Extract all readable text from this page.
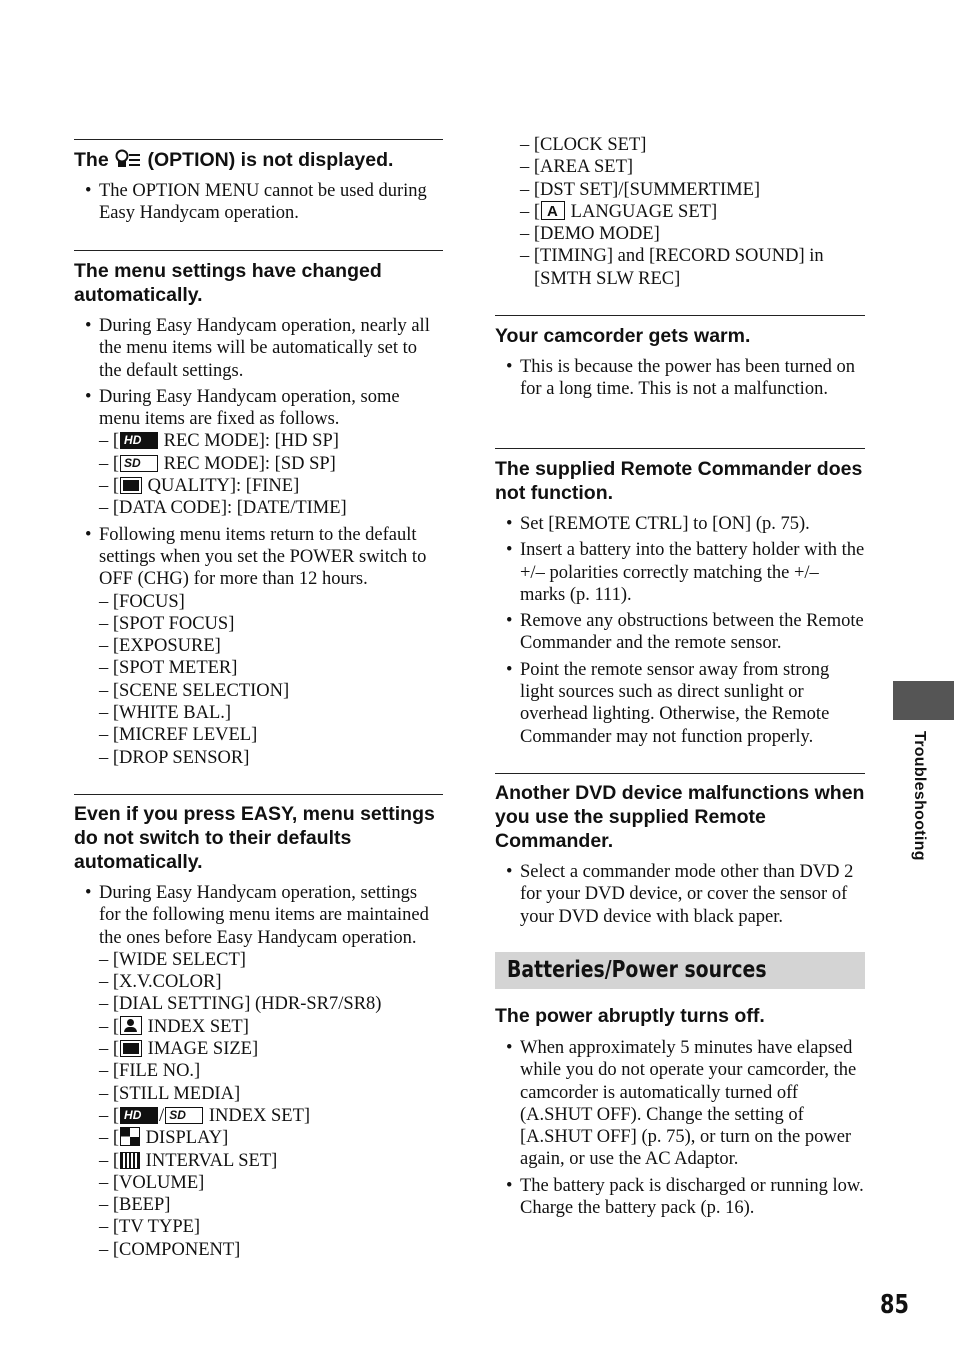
The (OPTION) is not displayed.
• The OPTION MENU cannot be used during Easy Handycam operation.
The menu settings have changed automatically.
• During Easy Handycam operation, nearly all the menu items will be automatically set to the default settings.
• During Easy Handycam operation, some menu items are fixed as follows.
– [ HD REC MODE]: [HD SP]
– [ SD REC MODE]: [SD SP]
– [ QUALITY]: [FINE]
– [DATA CODE]: [DATE/TIME]
• Following menu items return to the default settings when you set the POWER switch to OFF (CHG) for more than 12 hours.
– [FOCUS]
– [SPOT FOCUS]
– [EXPOSURE]
– [SPOT METER]
– [SCENE SELECTION]
– [WHITE BAL.]
– [MICREF LEVEL]
– [DROP SENSOR]
Even if you press EASY, menu settings do not switch to their defaults automatically.
• During Easy Handycam operation, settings for the following menu items are maintained the ones before Easy Handycam operation.
– [WIDE SELECT]
– [X.V.COLOR]
– [DIAL SETTING] (HDR-SR7/SR8)
– [ INDEX SET]
– [ IMAGE SIZE]
– [FILE NO.]
– [STILL MEDIA]
– [ HD / SD INDEX SET]
– [ DISPLAY]
– [ INTERVAL SET]
– [VOLUME]
– [BEEP]
– [TV TYPE]
– [COMPONENT]
– [CLOCK SET]
– [AREA SET]
– [DST SET]/[SUMMERTIME]
– [ A LANGUAGE SET]
– [DEMO MODE]
– [TIMING] and [RECORD SOUND] in [SMTH SLW REC]
Your camcorder gets warm.
• This is because the power has been turned on for a long time. This is not a malfunction.
The supplied Remote Commander does not function.
• Set [REMOTE CTRL] to [ON] (p. 75).
• Insert a battery into the battery holder with the +/– polarities correctly matching the +/– marks (p. 111).
• Remove any obstructions between the Remote Commander and the remote sensor.
• Point the remote sensor away from strong light sources such as direct sunlight or overhead lighting. Otherwise, the Remote Commander may not function properly.
Another DVD device malfunctions when you use the supplied Remote Commander.
• Select a commander mode other than DVD 2 for your DVD device, or cover the sensor of your DVD device with black paper.
Batteries/Power sources
The power abruptly turns off.
• When approximately 5 minutes have elapsed while you do not operate your camcorder, the camcorder is automatically turned off (A.SHUT OFF). Change the setting of [A.SHUT OFF] (p. 75), or turn on the power again, or use the AC Adaptor.
• The battery pack is discharged or running low. Charge the battery pack (p. 16).
Troubleshooting
85
